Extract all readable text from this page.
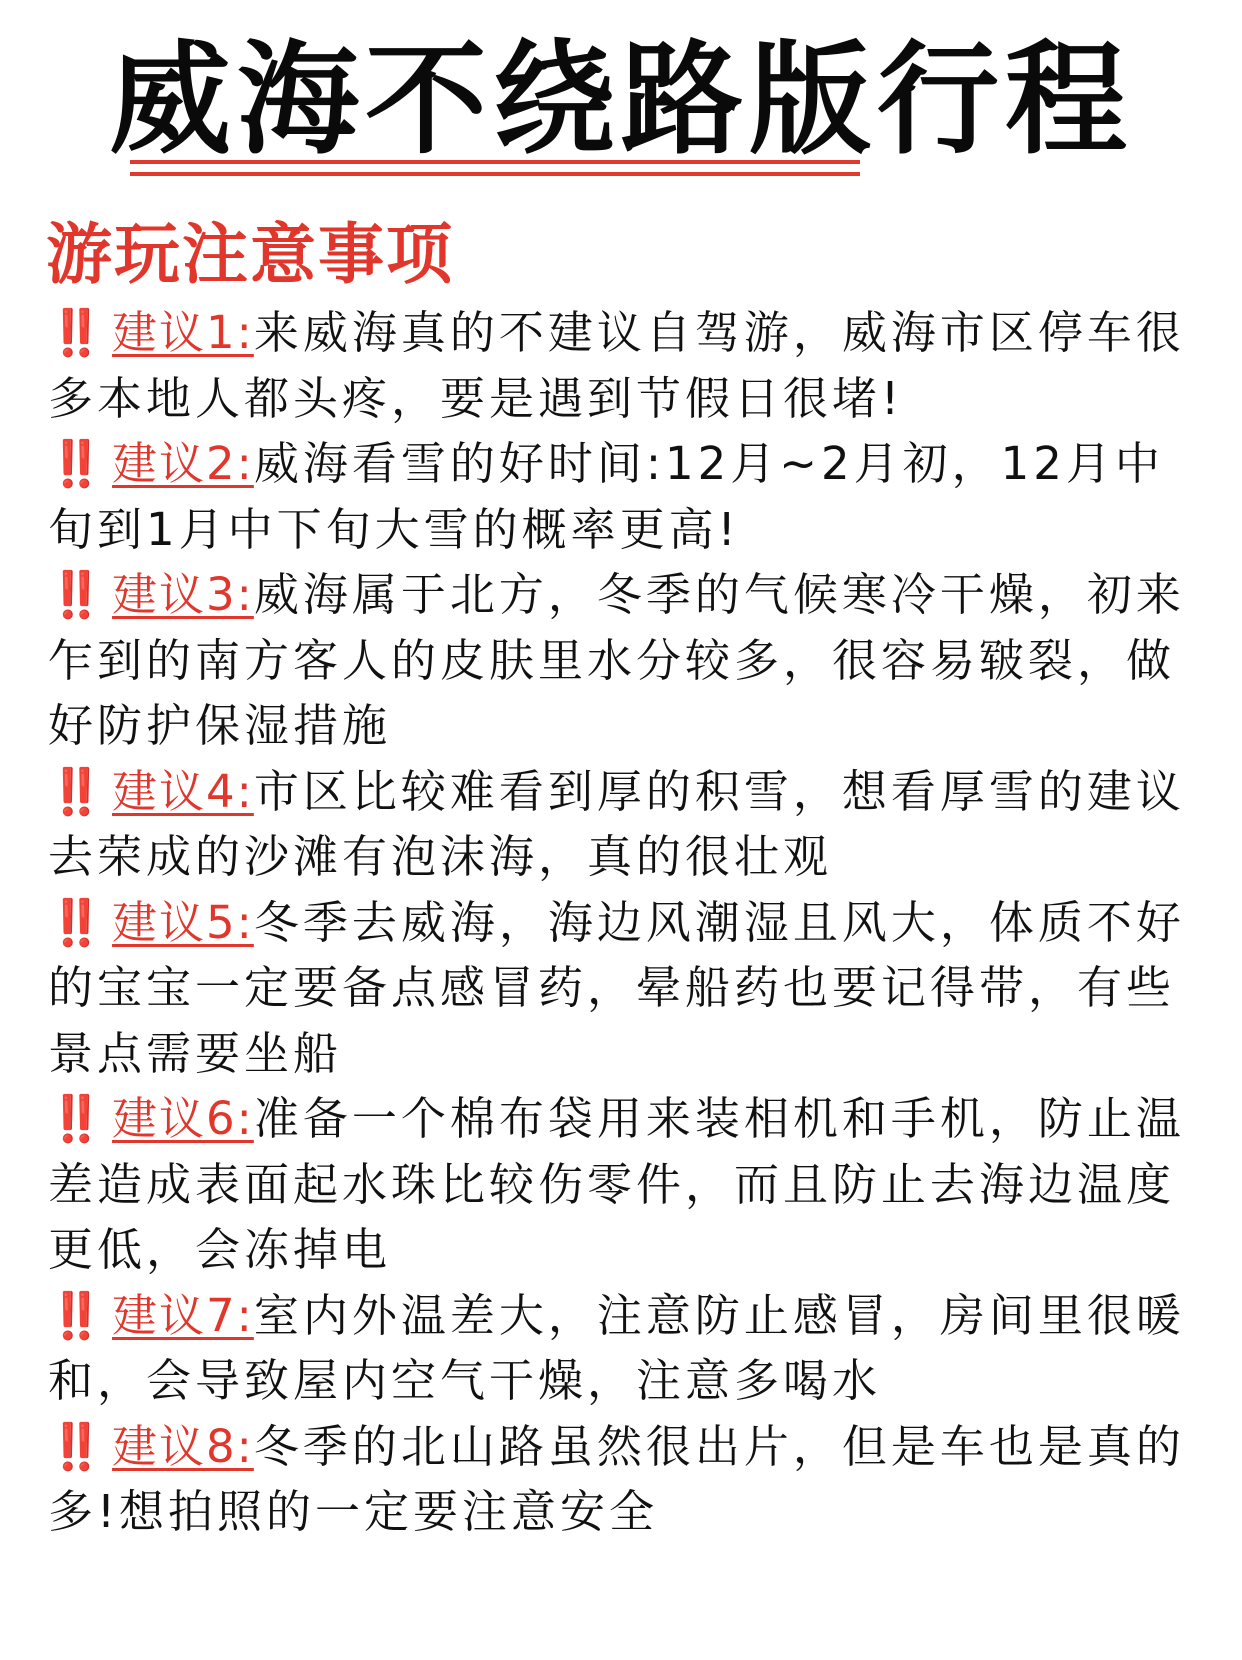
威海不绕路版行程
游玩注意事项
‼️ 建议1:来威海真的不建议自驾游，威海市区停车很多本地人都头疼，要是遇到节假日很堵!
‼️ 建议2:威海看雪的好时间:12月~2月初，12月中旬到1月中下旬大雪的概率更高!
‼️ 建议3:威海属于北方，冬季的气候寒冷干燥，初来乍到的南方客人的皮肤里水分较多，很容易皲裂，做好防护保湿措施
‼️ 建议4:市区比较难看到厚的积雪，想看厚雪的建议去荣成的沙滩有泡沫海，真的很壮观
‼️ 建议5:冬季去威海，海边风潮湿且风大，体质不好的宝宝一定要备点感冒药，晕船药也要记得带，有些景点需要坐船
‼️ 建议6:准备一个棉布袋用来装相机和手机，防止温差造成表面起水珠比较伤零件，而且防止去海边温度更低，会冻掉电
‼️ 建议7:室内外温差大，注意防止感冒，房间里很暖和，会导致屋内空气干燥，注意多喝水
‼️ 建议8:冬季的北山路虽然很出片，但是车也是真的多!想拍照的一定要注意安全
